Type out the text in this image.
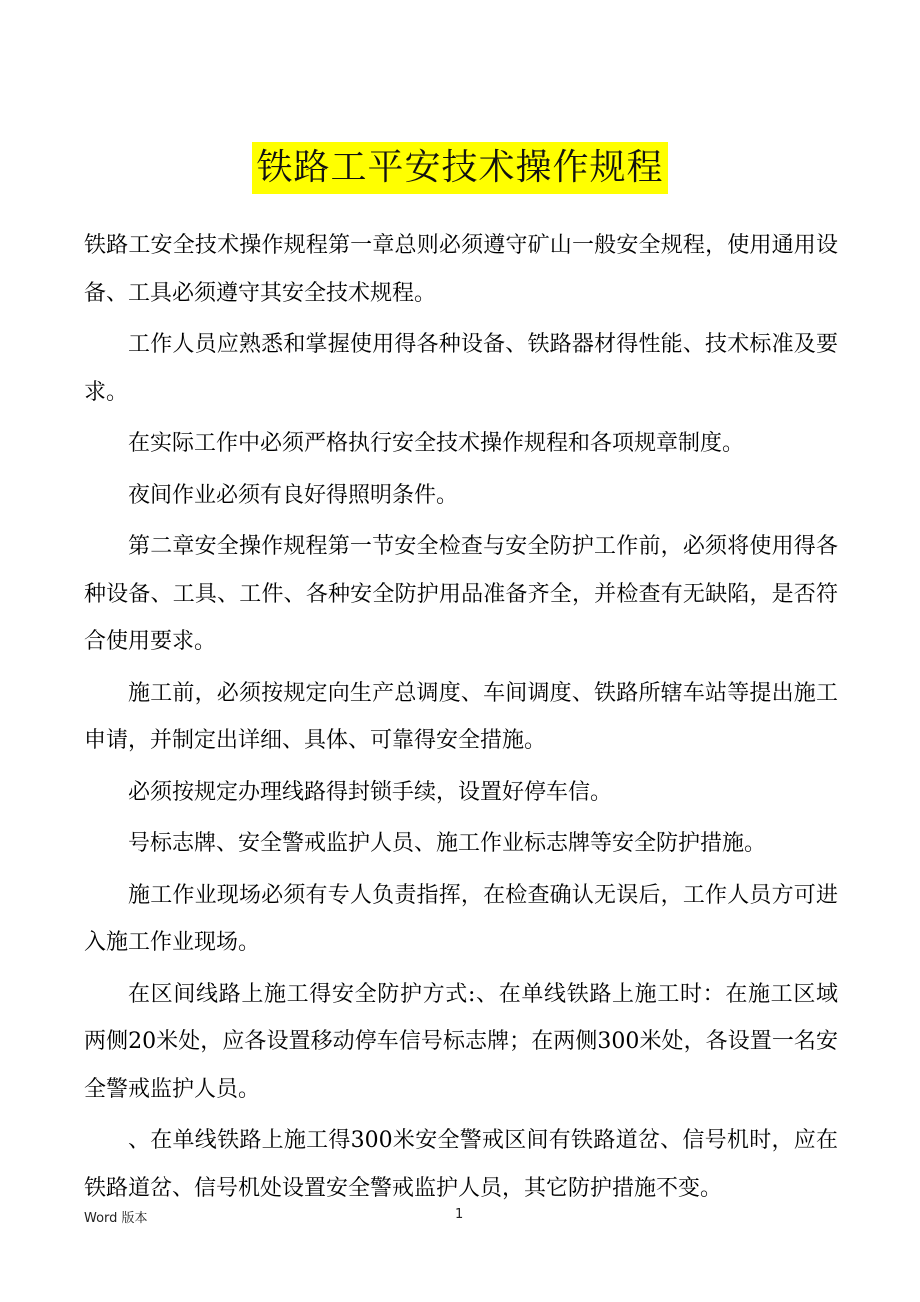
铁路工平安技术操作规程

铁路工安全技术操作规程第一章总则必须遵守矿山一般安全规程，使用通用设备、工具必须遵守其安全技术规程。

工作人员应熟悉和掌握使用得各种设备、铁路器材得性能、技术标准及要求。

在实际工作中必须严格执行安全技术操作规程和各项规章制度。

夜间作业必须有良好得照明条件。

第二章安全操作规程第一节安全检查与安全防护工作前，必须将使用得各种设备、工具、工件、各种安全防护用品准备齐全，并检查有无缺陷，是否符合使用要求。

施工前，必须按规定向生产总调度、车间调度、铁路所辖车站等提出施工申请，并制定出详细、具体、可靠得安全措施。

必须按规定办理线路得封锁手续，设置好停车信。

号标志牌、安全警戒监护人员、施工作业标志牌等安全防护措施。

施工作业现场必须有专人负责指挥，在检查确认无误后，工作人员方可进入施工作业现场。

在区间线路上施工得安全防护方式:、在单线铁路上施工时：在施工区域两侧20米处，应各设置移动停车信号标志牌；在两侧300米处，各设置一名安全警戒监护人员。

、在单线铁路上施工得300米安全警戒区间有铁路道岔、信号机时，应在铁路道岔、信号机处设置安全警戒监护人员，其它防护措施不变。

Word 版本	1
